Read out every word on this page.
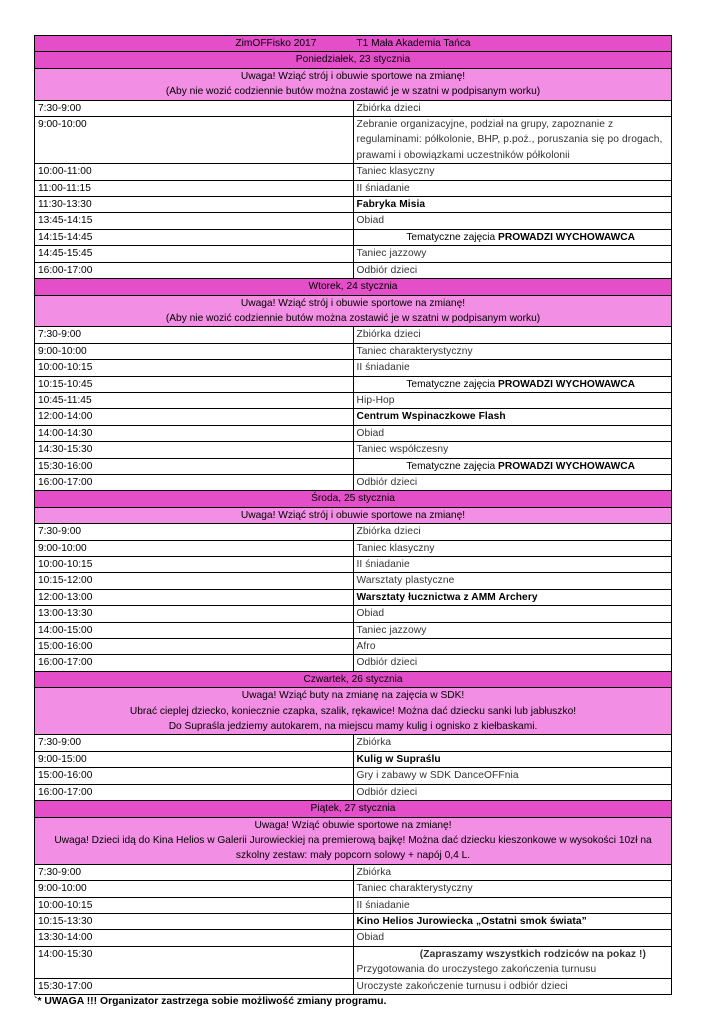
ZimOFFisko 2017 T1 Mała Akademia Tańca	
Poniedziałek, 23 stycznia	

Uwaga! Wziąć strój i obuwie sportowe na zmianę!
(Aby nie wozić codziennie butów można zostawić je w szatni w podpisanym worku)	

7:30-9:00	Zbiórka dzieci
9:00-10:00	Zebranie organizacyjne, podział na grupy, zapoznanie z regulaminami: półkolonie, BHP, p.poż., poruszania się po drogach, prawami i obowiązkami uczestników półkolonii
10:00-11:00	Taniec klasyczny
11:00-11:15	II śniadanie
11:30-13:30	Fabryka Misia
13:45-14:15	Obiad
14:15-14:45	Tematyczne zajęcia PROWADZI WYCHOWAWCA
14:45-15:45	Taniec jazzowy
16:00-17:00	Odbiór dzieci
Wtorek, 24 stycznia	

Uwaga! Wziąć strój i obuwie sportowe na zmianę!
(Aby nie wozić codziennie butów można zostawić je w szatni w podpisanym worku)	

7:30-9:00	Zbiórka dzieci
9:00-10:00	Taniec charakterystyczny
10:00-10:15	II śniadanie
10:15-10:45	Tematyczne zajęcia PROWADZI WYCHOWAWCA
10:45-11:45	Hip-Hop
12:00-14:00	Centrum Wspinaczkowe Flash
14:00-14:30	Obiad
14:30-15:30	Taniec współczesny
15:30-16:00	Tematyczne zajęcia PROWADZI WYCHOWAWCA
16:00-17:00	Odbiór dzieci
Środa, 25 stycznia	

Uwaga! Wziąć strój i obuwie sportowe na zmianę!	

7:30-9:00	Zbiórka dzieci
9:00-10:00	Taniec klasyczny
10:00-10:15	II śniadanie
10:15-12:00	Warsztaty plastyczne
12:00-13:00	Warsztaty łucznictwa z AMM Archery
13:00-13:30	Obiad
14:00-15:00	Taniec jazzowy
15:00-16:00	Afro
16:00-17:00	Odbiór dzieci
Czwartek, 26 stycznia	

Uwaga! Wziąć buty na zmianę na zajęcia w SDK!
Ubrać cieplej dziecko, koniecznie czapka, szalik, rękawice! Można dać dziecku sanki lub jabłuszko!
Do Supraśla jedziemy autokarem, na miejscu mamy kulig i ognisko z kiełbaskami.	

7:30-9:00	Zbiórka
9:00-15:00	Kulig w Supraślu
15:00-16:00	Gry i zabawy w SDK DanceOFFnia
16:00-17:00	Odbiór dzieci
Piątek, 27 stycznia	

Uwaga! Wziąć obuwie sportowe na zmianę!
Uwaga! Dzieci idą do Kina Helios w Galerii Jurowieckiej na premierową bajkę! Można dać dziecku kieszonkowe w wysokości 10zł na szkolny zestaw: mały popcorn solowy + napój 0,4 L.	

7:30-9:00	Zbiórka
9:00-10:00	Taniec charakterystyczny
10:00-10:15	II śniadanie
10:15-13:30	Kino Helios Jurowiecka „Ostatni smok świata”
13:30-14:00	Obiad
14:00-15:30	(Zapraszamy wszystkich rodziców na pokaz !)
Przygotowania do uroczystego zakończenia turnusu
15:30-17:00	Uroczyste zakończenie turnusu i odbiór dzieci
`* UWAGA !!! Organizator zastrzega sobie możliwość zmiany programu.
